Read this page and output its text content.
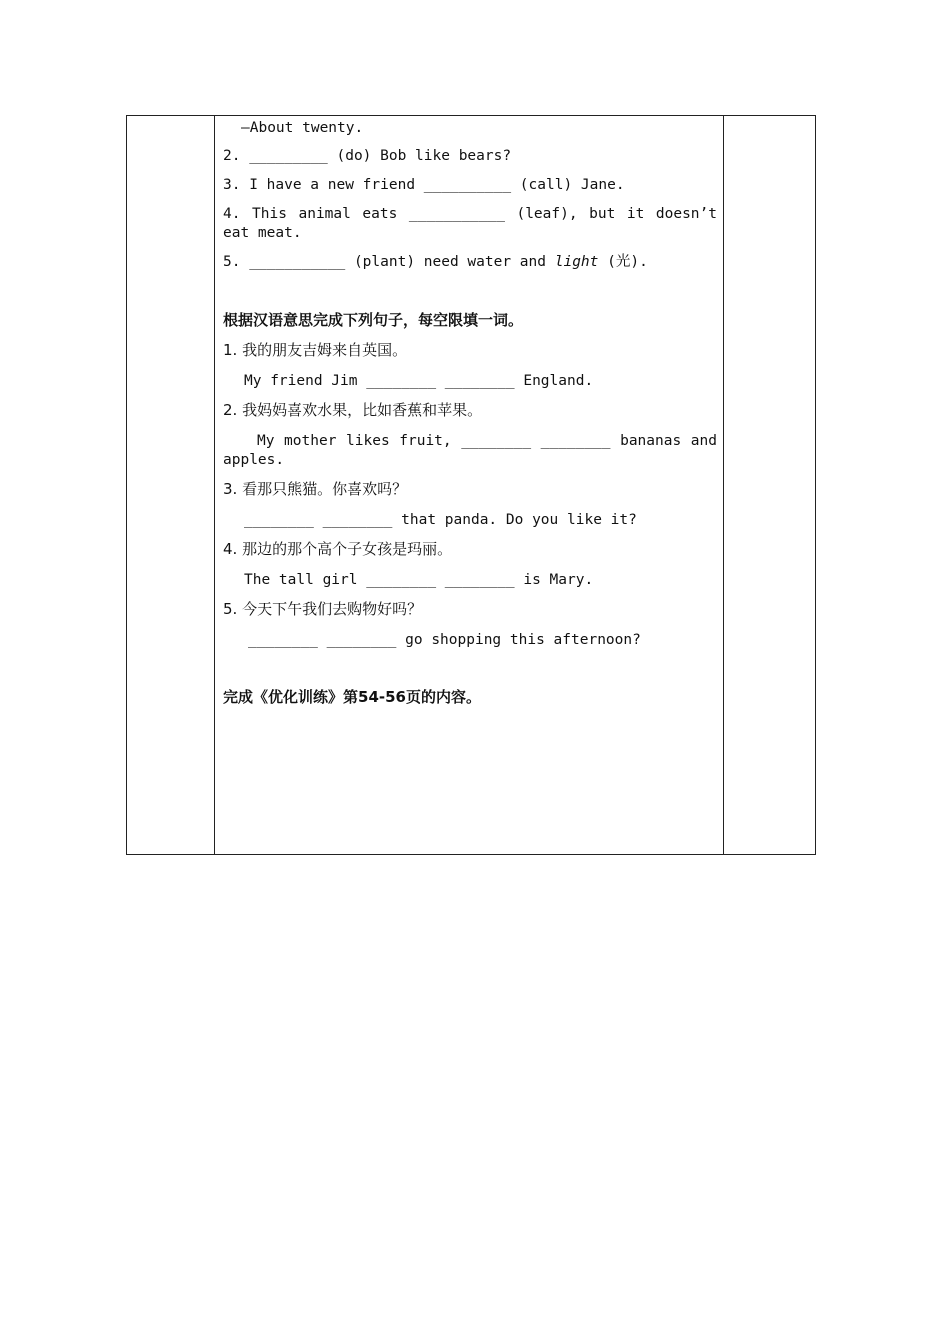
—About twenty.
2. _________ (do) Bob like bears?
3. I have a new friend __________ (call) Jane.
4. This animal eats ___________ (leaf), but it doesn’t
eat meat.
5. ___________ (plant) need water and light (光).
根据汉语意思完成下列句子，每空限填一词。
1. 我的朋友吉姆来自英国。
My friend Jim ________ ________ England.
2. 我妈妈喜欢水果，比如香蕉和苹果。
My mother likes fruit, ________ ________ bananas and
apples.
3. 看那只熊猫。你喜欢吗？
________ ________ that panda. Do you like it?
4. 那边的那个高个子女孩是玛丽。
The tall girl ________ ________ is Mary.
5. 今天下午我们去购物好吗？
________ ________ go shopping this afternoon?
完成《优化训练》第54-56页的内容。
